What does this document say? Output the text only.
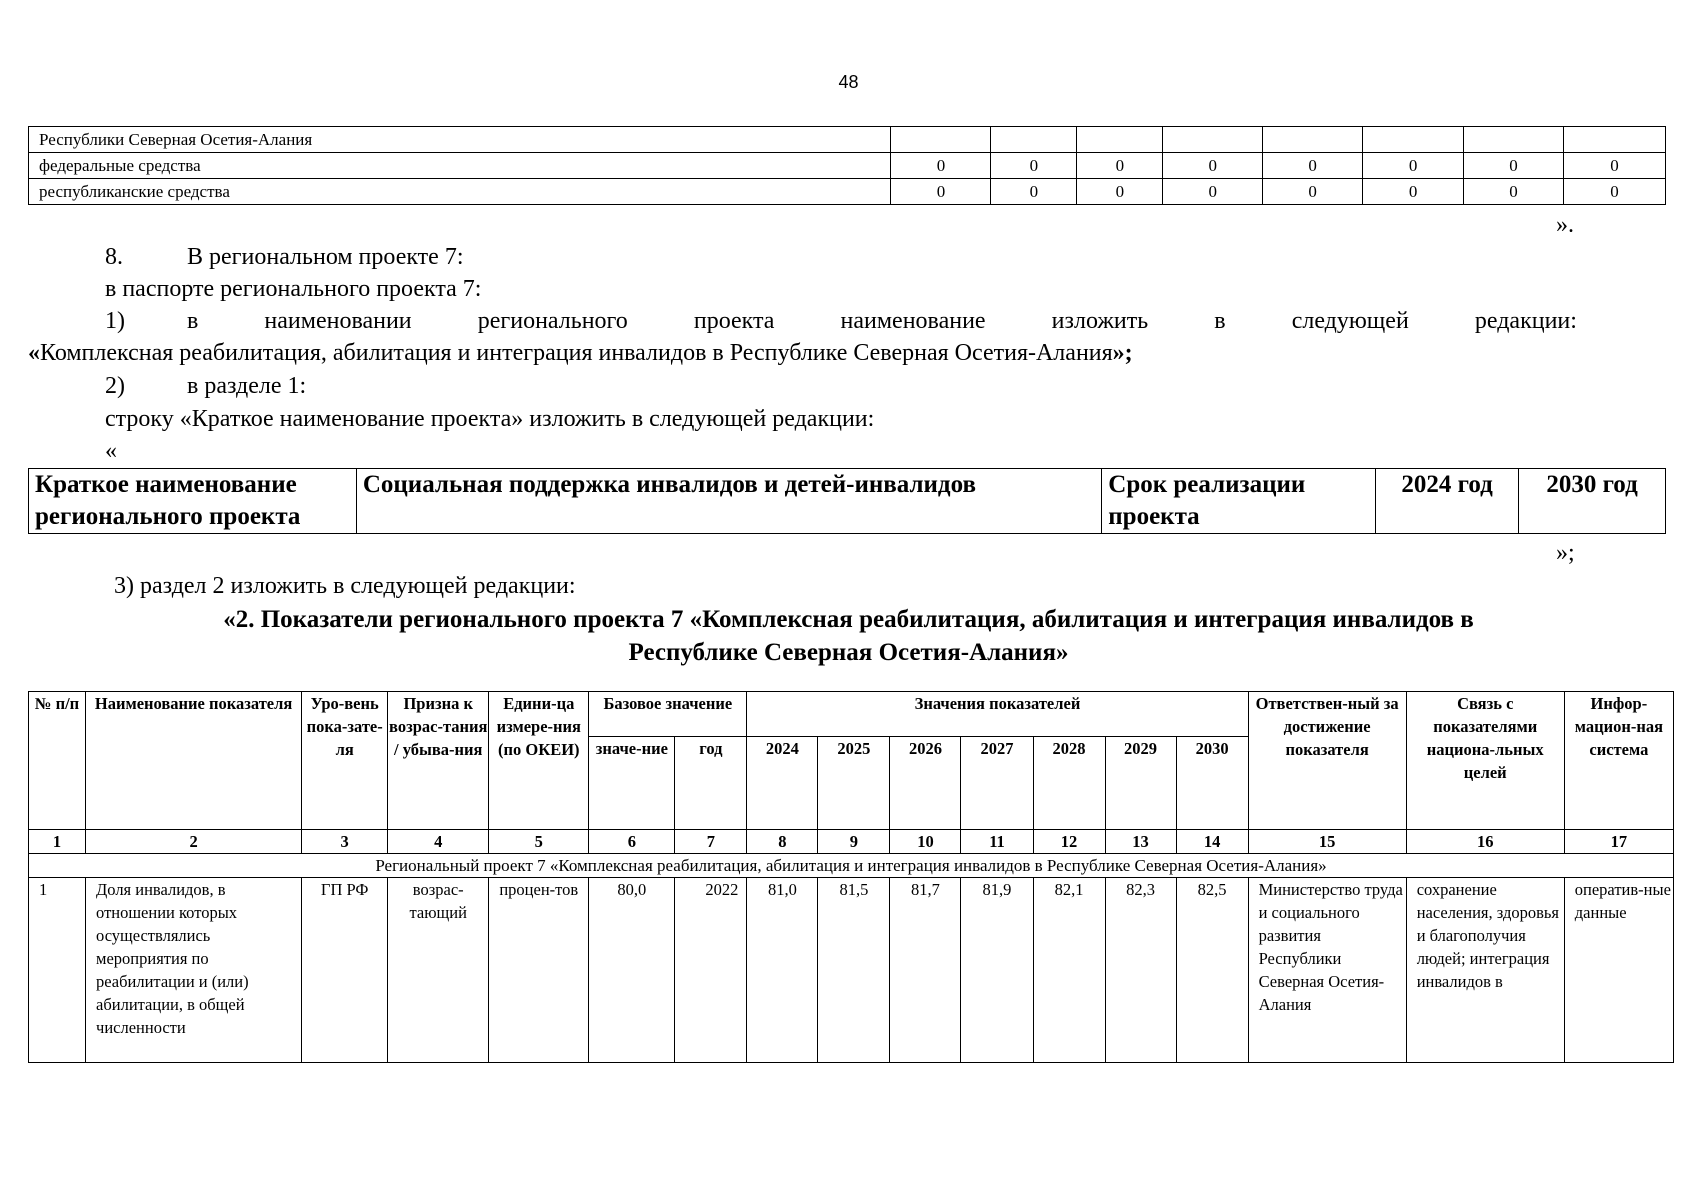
48
Республики Северная Осетия-Алания								
федеральные средства	0	0	0	0	0	0	0	0
республиканские средства	0	0	0	0	0	0	0	0
».
8.	В региональном проекте 7:
в паспорте регионального проекта 7:
1)	в	наименовании	регионального	проекта	наименование	изложить	в	следующей	редакции:
«Комплексная реабилитация, абилитация и интеграция инвалидов в Республике Северная Осетия-Алания»;
2)	в разделе 1:
строку «Краткое наименование проекта» изложить в следующей редакции:
«
Краткое наименование регионального проекта	Социальная поддержка инвалидов и детей-инвалидов	Срок реализации проекта	2024 год	2030 год
»;
3) раздел 2 изложить в следующей редакции:
«2. Показатели регионального проекта 7 «Комплексная реабилитация, абилитация и интеграция инвалидов в
Республике Северная Осетия-Алания»
№ п/п	Наименование показателя	Уро-вень пока-зате-ля	Призна к возрас-тания / убыва-ния	Едини-ца измере-ния (по ОКЕИ)	Базовое значение		Значения показателей							Ответствен-ный за достижение показателя	Связь с показателями национа-льных целей	Инфор-мацион-ная система
					значе-ние	год	2024	2025	2026	2027	2028	2029	2030			
1	2	3	4	5	6	7	8	9	10	11	12	13	14	15	16	17
Региональный проект 7 «Комплексная реабилитация, абилитация и интеграция инвалидов в Республике Северная Осетия-Алания»																
1	Доля инвалидов, в отношении которых осуществлялись мероприятия по реабилитации и (или) абилитации, в общей численности	ГП РФ	возрас-тающий	процен-тов	80,0	2022	81,0	81,5	81,7	81,9	82,1	82,3	82,5	Министерство труда и социального развития Республики Северная Осетия-Алания	сохранение населения, здоровья и благополучия людей; интеграция инвалидов в	оператив-ные данные
